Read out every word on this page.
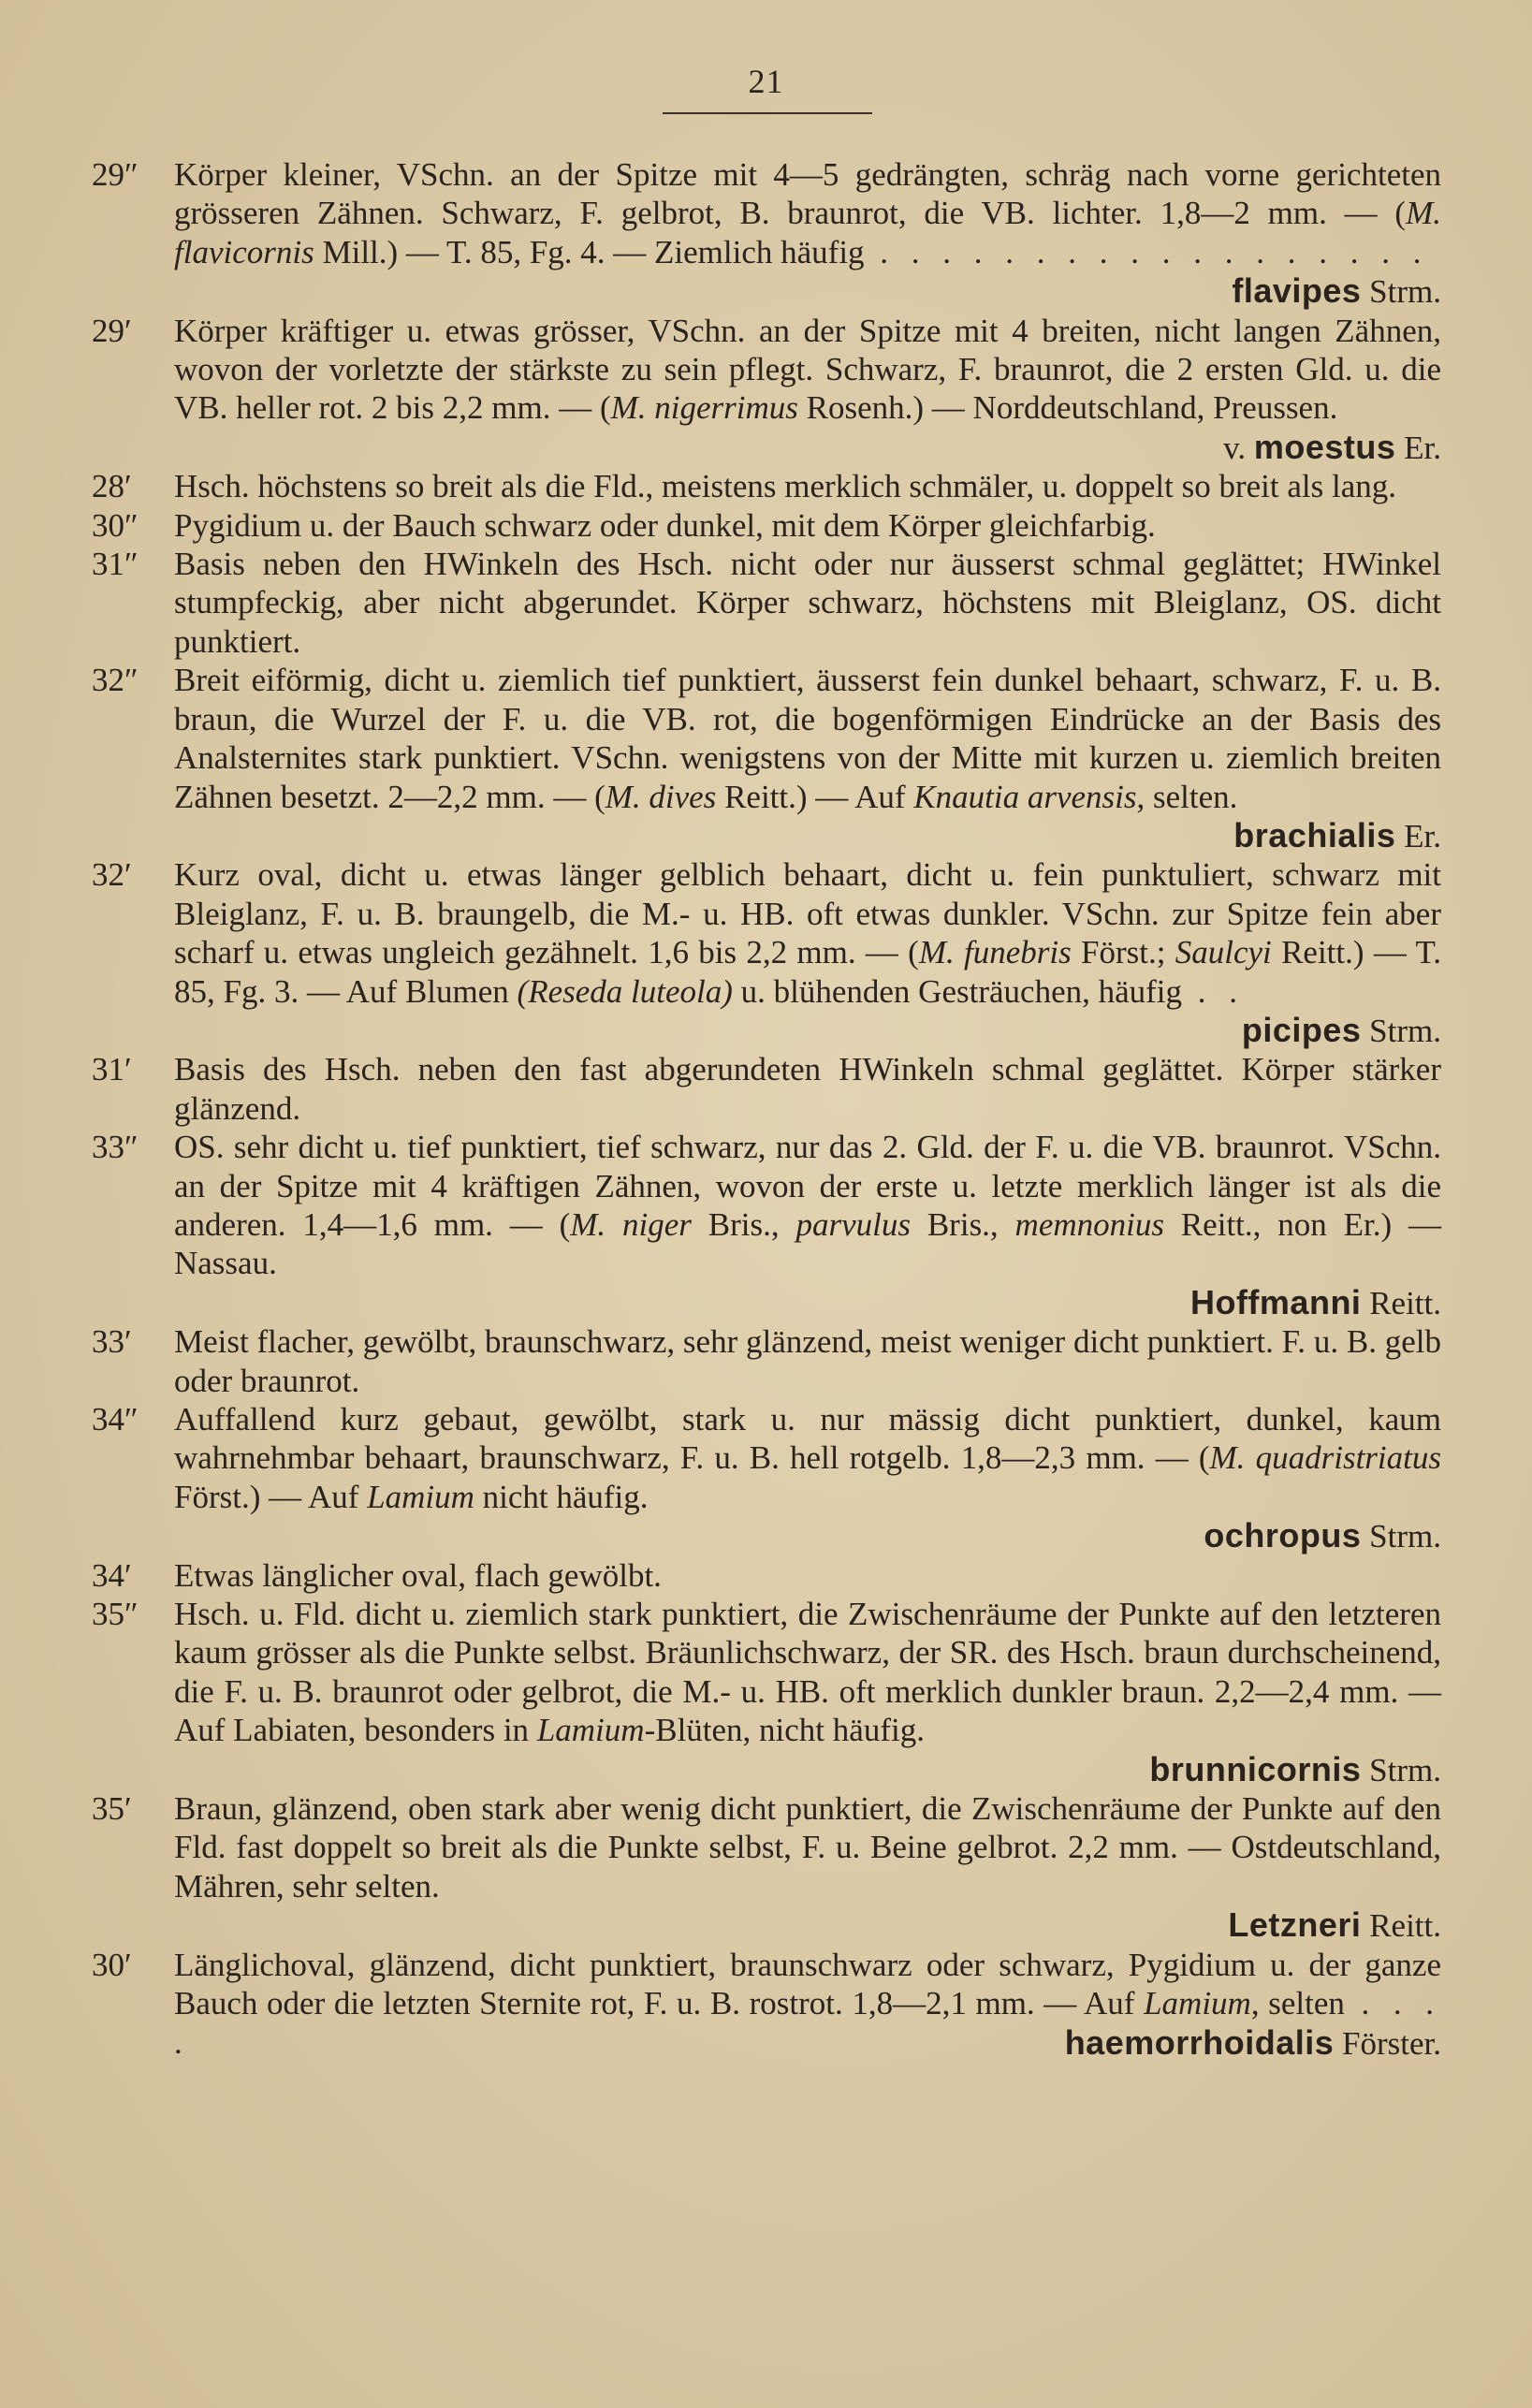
21
29″	Körper kleiner, VSchn. an der Spitze mit 4—5 gedrängten, schräg nach vorne gerichteten grösseren Zähnen. Schwarz, F. gelbrot, B. braunrot, die VB. lichter. 1,8—2 mm. — (M. flavicornis Mill.) — T. 85, Fg. 4. — Ziemlich häufig . . . . . . . . . . . . . . . . . .
flavipes Strm.
29′	Körper kräftiger u. etwas grösser, VSchn. an der Spitze mit 4 breiten, nicht langen Zähnen, wovon der vorletzte der stärkste zu sein pflegt. Schwarz, F. braunrot, die 2 ersten Gld. u. die VB. heller rot. 2 bis 2,2 mm. — (M. nigerrimus Rosenh.) — Norddeutschland, Preussen.
v. moestus Er.
28′	Hsch. höchstens so breit als die Fld., meistens merklich schmäler, u. doppelt so breit als lang.
30″	Pygidium u. der Bauch schwarz oder dunkel, mit dem Körper gleichfarbig.
31″	Basis neben den HWinkeln des Hsch. nicht oder nur äusserst schmal geglättet; HWinkel stumpfeckig, aber nicht abgerundet. Körper schwarz, höchstens mit Bleiglanz, OS. dicht punktiert.
32″	Breit eiförmig, dicht u. ziemlich tief punktiert, äusserst fein dunkel behaart, schwarz, F. u. B. braun, die Wurzel der F. u. die VB. rot, die bogenförmigen Eindrücke an der Basis des Analsternites stark punktiert. VSchn. wenigstens von der Mitte mit kurzen u. ziemlich breiten Zähnen besetzt. 2—2,2 mm. — (M. dives Reitt.) — Auf Knautia arvensis, selten.
brachialis Er.
32′	Kurz oval, dicht u. etwas länger gelblich behaart, dicht u. fein punktuliert, schwarz mit Bleiglanz, F. u. B. braungelb, die M.- u. HB. oft etwas dunkler. VSchn. zur Spitze fein aber scharf u. etwas ungleich gezähnelt. 1,6 bis 2,2 mm. — (M. funebris Först.; Saulcyi Reitt.) — T. 85, Fg. 3. — Auf Blumen (Reseda luteola) u. blühenden Gesträuchen, häufig . .
picipes Strm.
31′	Basis des Hsch. neben den fast abgerundeten HWinkeln schmal geglättet. Körper stärker glänzend.
33″	OS. sehr dicht u. tief punktiert, tief schwarz, nur das 2. Gld. der F. u. die VB. braunrot. VSchn. an der Spitze mit 4 kräftigen Zähnen, wovon der erste u. letzte merklich länger ist als die anderen. 1,4—1,6 mm. — (M. niger Bris., parvulus Bris., memnonius Reitt., non Er.) — Nassau.
Hoffmanni Reitt.
33′	Meist flacher, gewölbt, braunschwarz, sehr glänzend, meist weniger dicht punktiert. F. u. B. gelb oder braunrot.
34″	Auffallend kurz gebaut, gewölbt, stark u. nur mässig dicht punktiert, dunkel, kaum wahrnehmbar behaart, braunschwarz, F. u. B. hell rotgelb. 1,8—2,3 mm. — (M. quadristriatus Först.) — Auf Lamium nicht häufig.
ochropus Strm.
34′	Etwas länglicher oval, flach gewölbt.
35″	Hsch. u. Fld. dicht u. ziemlich stark punktiert, die Zwischenräume der Punkte auf den letzteren kaum grösser als die Punkte selbst. Bräunlichschwarz, der SR. des Hsch. braun durchscheinend, die F. u. B. braunrot oder gelbrot, die M.- u. HB. oft merklich dunkler braun. 2,2—2,4 mm. — Auf Labiaten, besonders in Lamium-Blüten, nicht häufig.
brunnicornis Strm.
35′	Braun, glänzend, oben stark aber wenig dicht punktiert, die Zwischenräume der Punkte auf den Fld. fast doppelt so breit als die Punkte selbst, F. u. Beine gelbrot. 2,2 mm. — Ostdeutschland, Mähren, sehr selten.
Letzneri Reitt.
30′	Länglichoval, glänzend, dicht punktiert, braunschwarz oder schwarz, Pygidium u. der ganze Bauch oder die letzten Sternite rot, F. u. B. rostrot. 1,8—2,1 mm. — Auf Lamium, selten . . . .	haemorrhoidalis Förster.
